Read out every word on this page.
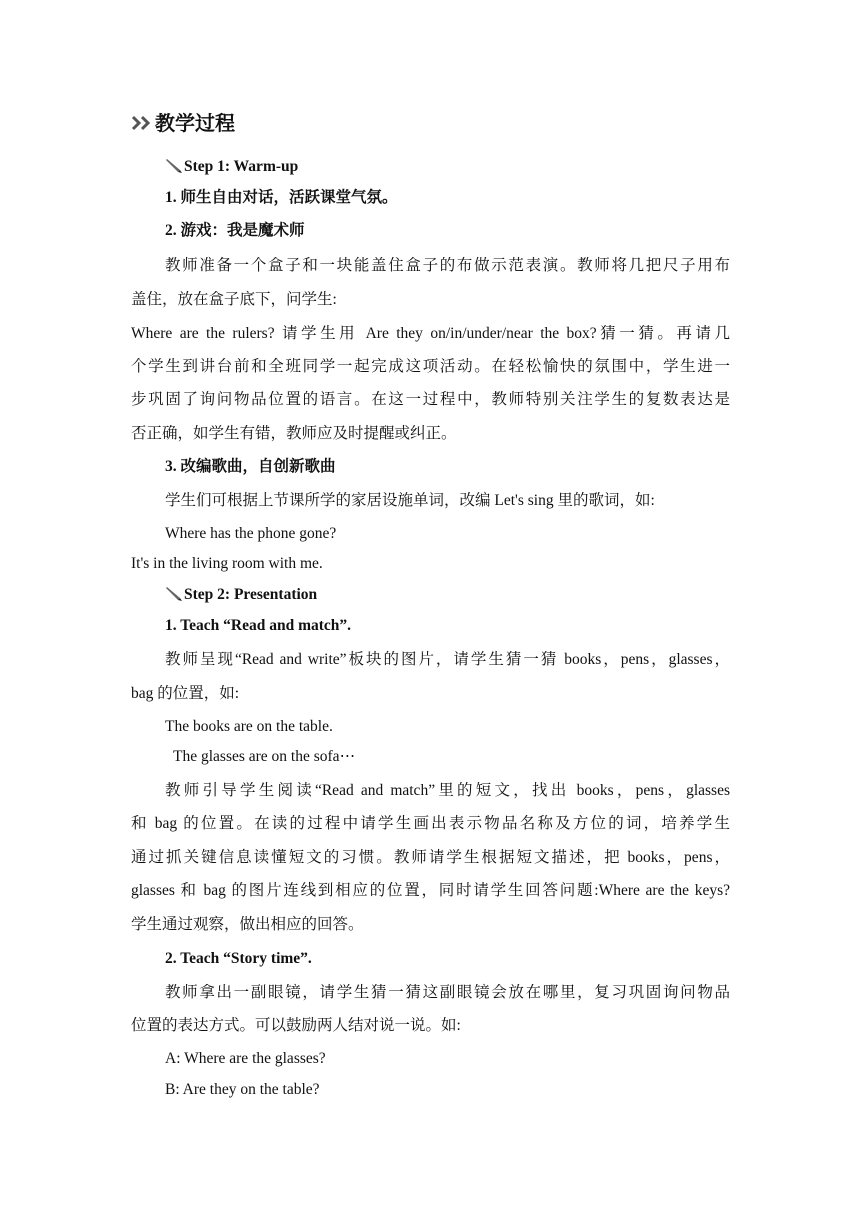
教学过程
Step 1: Warm-up
1. 师生自由对话，活跃课堂气氛。
2. 游戏：我是魔术师
教师准备一个盒子和一块能盖住盒子的布做示范表演。教师将几把尺子用布
盖住，放在盒子底下，问学生:
Where are the rulers? 请学生用 Are they on/in/under/near the box?猜一猜。再请几
个学生到讲台前和全班同学一起完成这项活动。在轻松愉快的氛围中，学生进一
步巩固了询问物品位置的语言。在这一过程中，教师特别关注学生的复数表达是
否正确，如学生有错，教师应及时提醒或纠正。
3. 改编歌曲，自创新歌曲
学生们可根据上节课所学的家居设施单词，改编 Let's sing 里的歌词，如:
Where has the phone gone?
It's in the living room with me.
Step 2: Presentation
1. Teach “Read and match”.
教师呈现“Read and write”板块的图片，请学生猜一猜 books，pens，glasses，
bag 的位置，如:
The books are on the table.
The glasses are on the sofa⋯
教师引导学生阅读“Read and match”里的短文，找出 books，pens，glasses
和 bag 的位置。在读的过程中请学生画出表示物品名称及方位的词，培养学生
通过抓关键信息读懂短文的习惯。教师请学生根据短文描述，把 books，pens，
glasses 和 bag 的图片连线到相应的位置，同时请学生回答问题:Where are the keys?
学生通过观察，做出相应的回答。
2. Teach “Story time”.
教师拿出一副眼镜，请学生猜一猜这副眼镜会放在哪里，复习巩固询问物品
位置的表达方式。可以鼓励两人结对说一说。如:
A: Where are the glasses?
B: Are they on the table?
